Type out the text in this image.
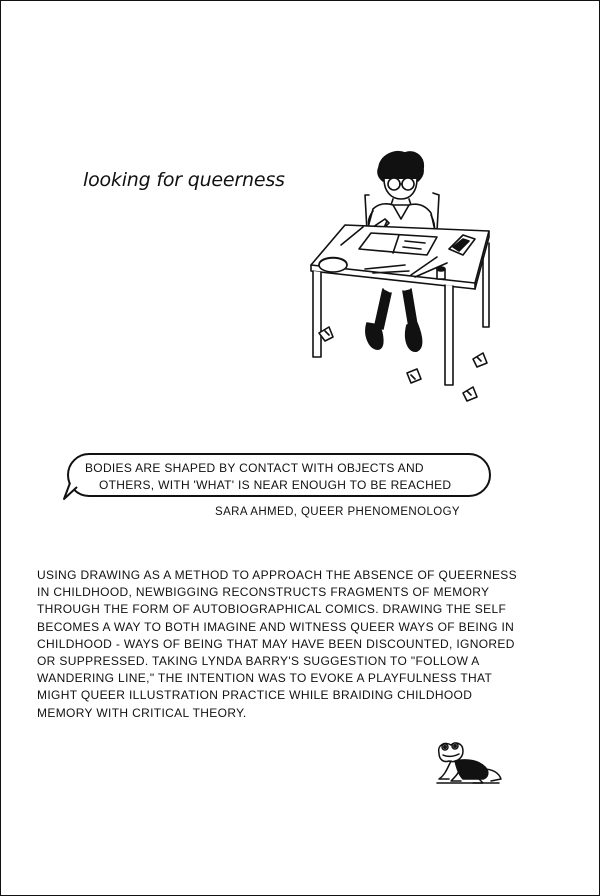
looking for queerness
BODIES ARE SHAPED BY CONTACT WITH OBJECTS AND
OTHERS, WITH 'WHAT' IS NEAR ENOUGH TO BE REACHED
SARA AHMED, QUEER PHENOMENOLOGY
USING DRAWING AS A METHOD TO APPROACH THE ABSENCE OF QUEERNESS
IN CHILDHOOD, NEWBIGGING RECONSTRUCTS FRAGMENTS OF MEMORY
THROUGH THE FORM OF AUTOBIOGRAPHICAL COMICS. DRAWING THE SELF
BECOMES A WAY TO BOTH IMAGINE AND WITNESS QUEER WAYS OF BEING IN
CHILDHOOD - WAYS OF BEING THAT MAY HAVE BEEN DISCOUNTED, IGNORED
OR SUPPRESSED. TAKING LYNDA BARRY'S SUGGESTION TO "FOLLOW A
WANDERING LINE," THE INTENTION WAS TO EVOKE A PLAYFULNESS THAT
MIGHT QUEER ILLUSTRATION PRACTICE WHILE BRAIDING CHILDHOOD
MEMORY WITH CRITICAL THEORY.
